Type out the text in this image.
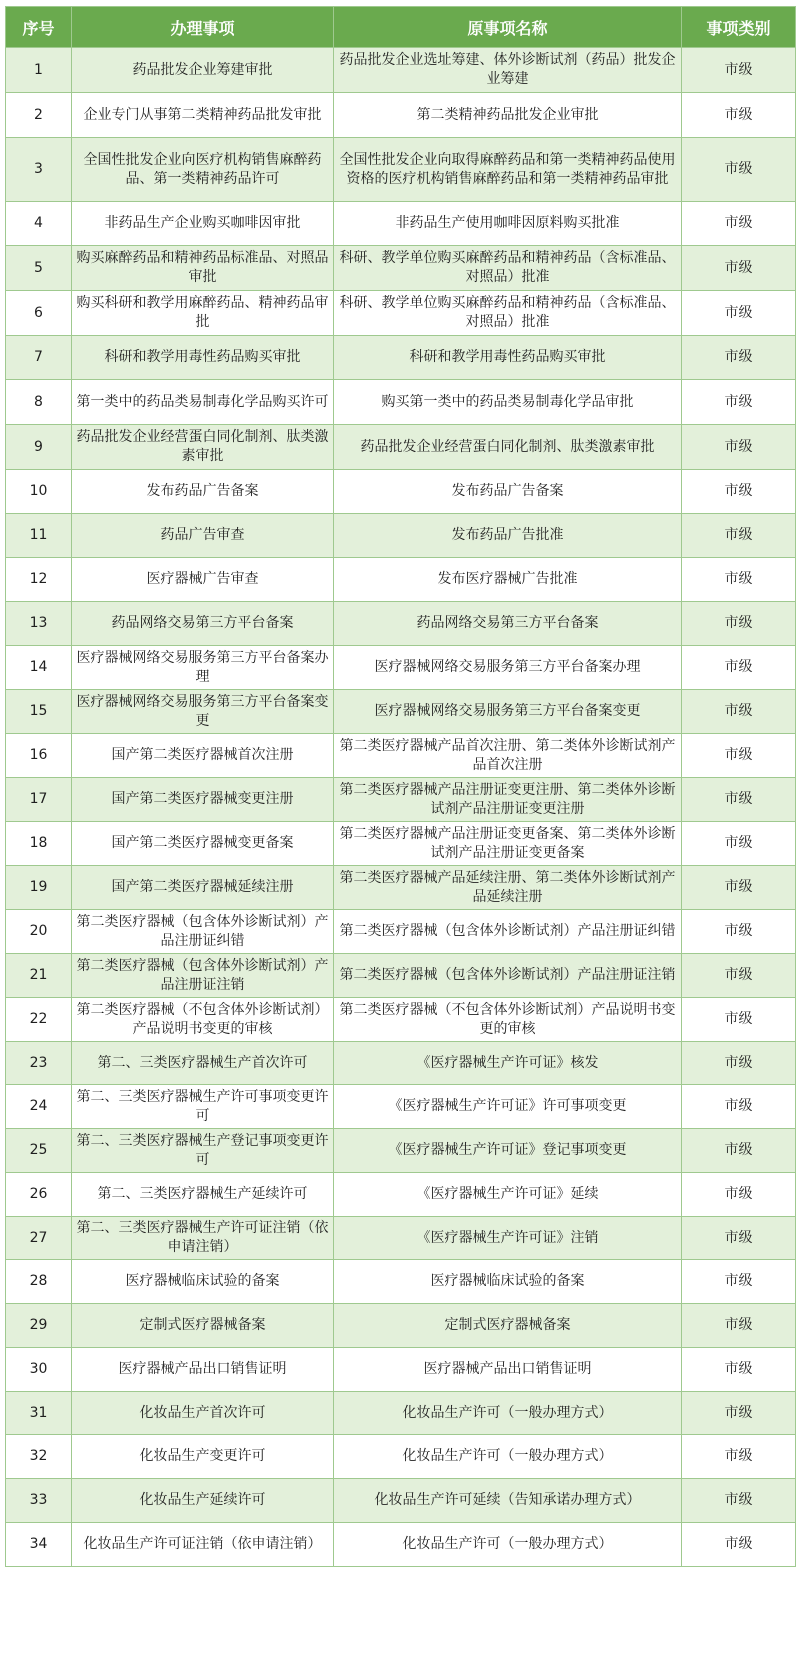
序号	办理事项	原事项名称	事项类别
1	药品批发企业筹建审批	药品批发企业选址筹建、体外诊断试剂（药品）批发企业筹建	市级
2	企业专门从事第二类精神药品批发审批	第二类精神药品批发企业审批	市级
3	全国性批发企业向医疗机构销售麻醉药品、第一类精神药品许可	全国性批发企业向取得麻醉药品和第一类精神药品使用资格的医疗机构销售麻醉药品和第一类精神药品审批	市级
4	非药品生产企业购买咖啡因审批	非药品生产使用咖啡因原料购买批准	市级
5	购买麻醉药品和精神药品标准品、对照品审批	科研、教学单位购买麻醉药品和精神药品（含标准品、对照品）批准	市级
6	购买科研和教学用麻醉药品、精神药品审批	科研、教学单位购买麻醉药品和精神药品（含标准品、对照品）批准	市级
7	科研和教学用毒性药品购买审批	科研和教学用毒性药品购买审批	市级
8	第一类中的药品类易制毒化学品购买许可	购买第一类中的药品类易制毒化学品审批	市级
9	药品批发企业经营蛋白同化制剂、肽类激素审批	药品批发企业经营蛋白同化制剂、肽类激素审批	市级
10	发布药品广告备案	发布药品广告备案	市级
11	药品广告审查	发布药品广告批准	市级
12	医疗器械广告审查	发布医疗器械广告批准	市级
13	药品网络交易第三方平台备案	药品网络交易第三方平台备案	市级
14	医疗器械网络交易服务第三方平台备案办理	医疗器械网络交易服务第三方平台备案办理	市级
15	医疗器械网络交易服务第三方平台备案变更	医疗器械网络交易服务第三方平台备案变更	市级
16	国产第二类医疗器械首次注册	第二类医疗器械产品首次注册、第二类体外诊断试剂产品首次注册	市级
17	国产第二类医疗器械变更注册	第二类医疗器械产品注册证变更注册、第二类体外诊断试剂产品注册证变更注册	市级
18	国产第二类医疗器械变更备案	第二类医疗器械产品注册证变更备案、第二类体外诊断试剂产品注册证变更备案	市级
19	国产第二类医疗器械延续注册	第二类医疗器械产品延续注册、第二类体外诊断试剂产品延续注册	市级
20	第二类医疗器械（包含体外诊断试剂）产品注册证纠错	第二类医疗器械（包含体外诊断试剂）产品注册证纠错	市级
21	第二类医疗器械（包含体外诊断试剂）产品注册证注销	第二类医疗器械（包含体外诊断试剂）产品注册证注销	市级
22	第二类医疗器械（不包含体外诊断试剂）产品说明书变更的审核	第二类医疗器械（不包含体外诊断试剂）产品说明书变更的审核	市级
23	第二、三类医疗器械生产首次许可	《医疗器械生产许可证》核发	市级
24	第二、三类医疗器械生产许可事项变更许可	《医疗器械生产许可证》许可事项变更	市级
25	第二、三类医疗器械生产登记事项变更许可	《医疗器械生产许可证》登记事项变更	市级
26	第二、三类医疗器械生产延续许可	《医疗器械生产许可证》延续	市级
27	第二、三类医疗器械生产许可证注销（依申请注销）	《医疗器械生产许可证》注销	市级
28	医疗器械临床试验的备案	医疗器械临床试验的备案	市级
29	定制式医疗器械备案	定制式医疗器械备案	市级
30	医疗器械产品出口销售证明	医疗器械产品出口销售证明	市级
31	化妆品生产首次许可	化妆品生产许可（一般办理方式）	市级
32	化妆品生产变更许可	化妆品生产许可（一般办理方式）	市级
33	化妆品生产延续许可	化妆品生产许可延续（告知承诺办理方式）	市级
34	化妆品生产许可证注销（依申请注销）	化妆品生产许可（一般办理方式）	市级
